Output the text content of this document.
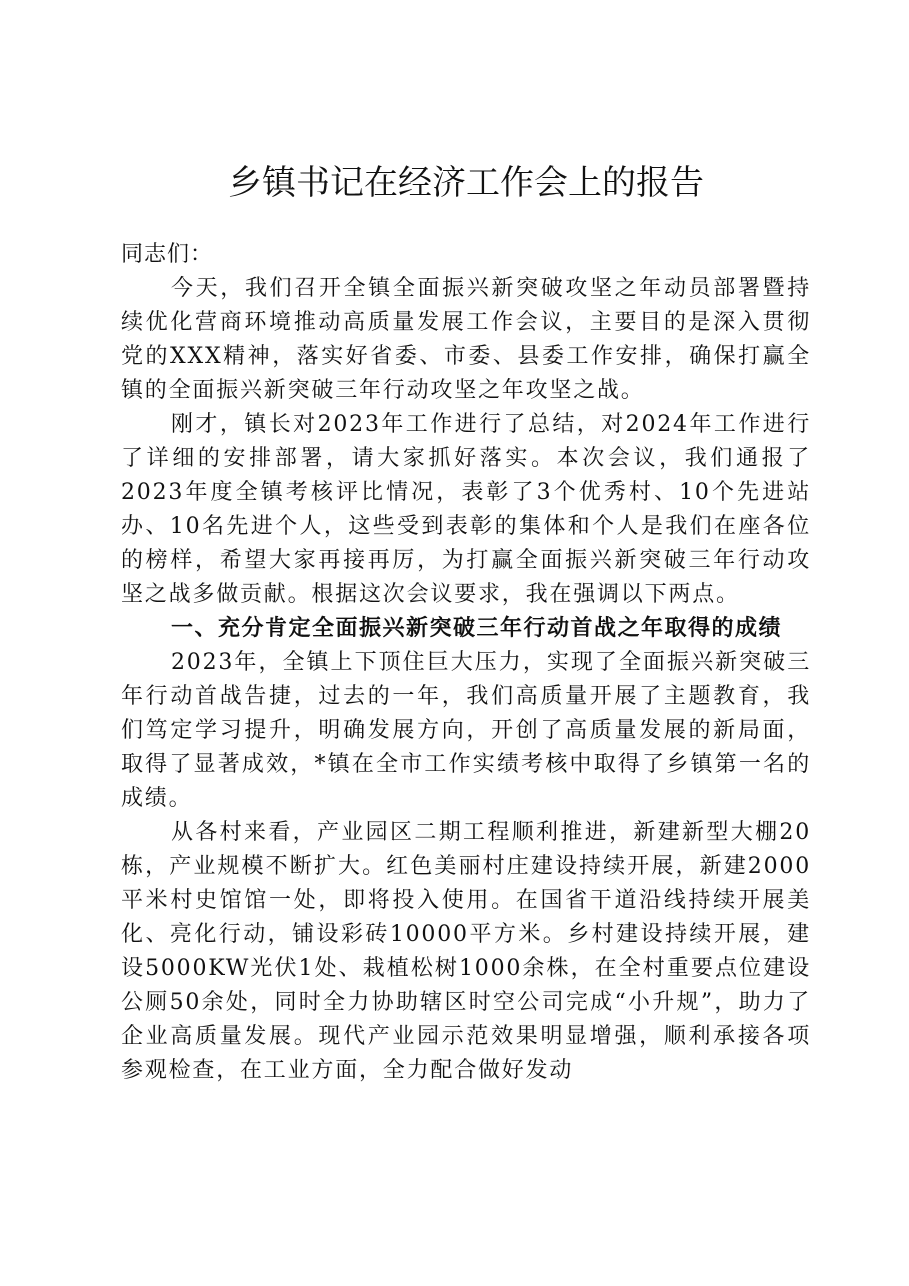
乡镇书记在经济工作会上的报告

同志们：

今天，我们召开全镇全面振兴新突破攻坚之年动员部署暨持续优化营商环境推动高质量发展工作会议，主要目的是深入贯彻党的XXX精神，落实好省委、市委、县委工作安排，确保打赢全镇的全面振兴新突破三年行动攻坚之年攻坚之战。

刚才，镇长对2023年工作进行了总结，对2024年工作进行了详细的安排部署，请大家抓好落实。本次会议，我们通报了2023年度全镇考核评比情况，表彰了3个优秀村、10个先进站办、10名先进个人，这些受到表彰的集体和个人是我们在座各位的榜样，希望大家再接再厉，为打赢全面振兴新突破三年行动攻坚之战多做贡献。根据这次会议要求，我在强调以下两点。

一、充分肯定全面振兴新突破三年行动首战之年取得的成绩

2023年，全镇上下顶住巨大压力，实现了全面振兴新突破三年行动首战告捷，过去的一年，我们高质量开展了主题教育，我们笃定学习提升，明确发展方向，开创了高质量发展的新局面，取得了显著成效，*镇在全市工作实绩考核中取得了乡镇第一名的成绩。

从各村来看，产业园区二期工程顺利推进，新建新型大棚20栋，产业规模不断扩大。红色美丽村庄建设持续开展，新建2000平米村史馆馆一处，即将投入使用。在国省干道沿线持续开展美化、亮化行动，铺设彩砖10000平方米。乡村建设持续开展，建设5000KW光伏1处、栽植松树1000余株，在全村重要点位建设公厕50余处，同时全力协助辖区时空公司完成“小升规”，助力了企业高质量发展。现代产业园示范效果明显增强，顺利承接各项参观检查，在工业方面，全力配合做好发动
